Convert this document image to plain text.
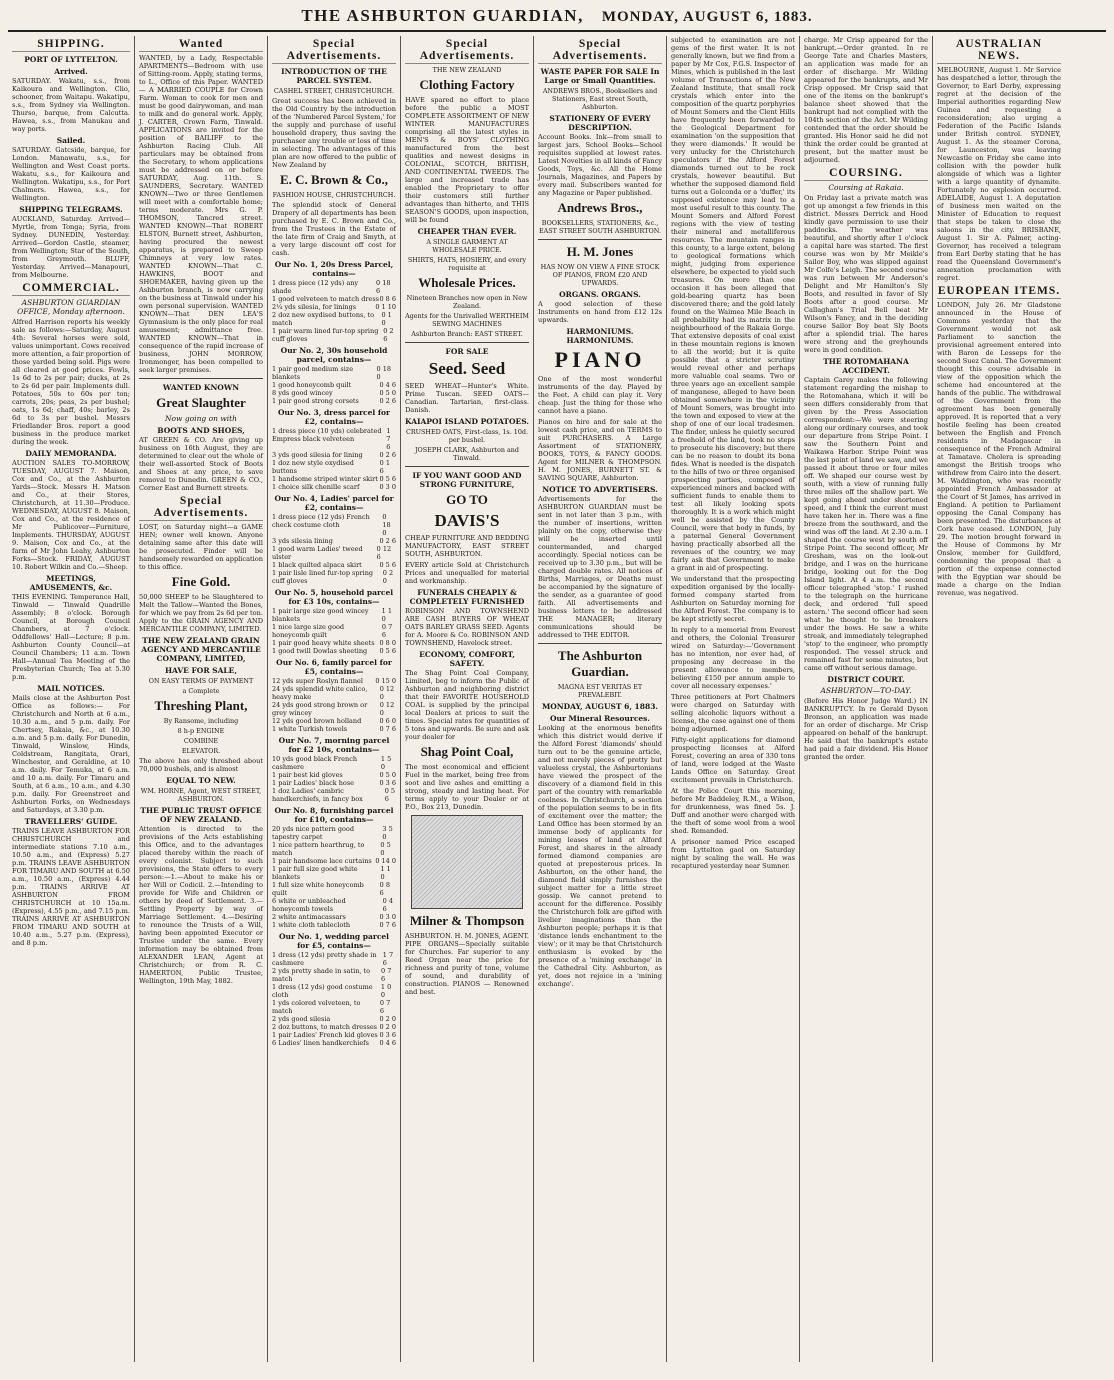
THE ASHBURTON GUARDIAN, MONDAY, AUGUST 6, 1883.
SHIPPING.
PORT OF LYTTELTON.
Arrived.

SATURDAY. Wakatu, s.s., from Kaikoura and Wellington. Clio, schooner, from Waitapu. Wakatipu, s.s., from Sydney via Wellington. Thurso, barque, from Calcutta. Hawea, s.s., from Manukau and way ports.

Sailed.

SATURDAY. Gatcside, barque, for London. Manawatu, s.s., for Wellington and West Coast ports. Wakatu, s.s., for Kaikoura and Wellington. Wakatipu, s.s., for Port Chalmers. Hawea, s.s., for Wellington.

SHIPPING TELEGRAMS.

AUCKLAND, Saturday. Arrived—Myrtle, from Tonga; Syria, from Sydney. DUNEDIN, Yesterday. Arrived—Gordon Castle, steamer, from Wellington; Star of the South, from Greymouth. BLUFF, Yesterday. Arrived—Manapouri, from Melbourne.

COMMERCIAL.
ASHBURTON GUARDIAN OFFICE, Monday afternoon.

Alfred Harrison reports his weekly sale as follows:—Saturday, August 4th: Several horses were sold, values unimportant. Cows received more attention, a fair proportion of those yarded being sold. Pigs were all cleared at good prices. Fowls, 1s 6d to 2s per pair; ducks, at 2s to 2s 6d per pair. Implements dull. Potatoes, 50s to 60s per ton; carrots, 20s; peas, 2s per bushel; oats, 1s 6d; chaff, 40s; barley, 2s 6d to 3s per bushel. Messrs Friedlander Bros. report a good business in the produce market during the week.

DAILY MEMORANDA.

AUCTION SALES TO-MORROW, TUESDAY, AUGUST 7. Maison, Cox and Co., at the Ashburton Yards—Stock. Messrs H. Matson and Co., at their Stores, Christchurch, at 11.30—Produce. WEDNESDAY, AUGUST 8. Maison, Cox and Co., at the residence of Mr Publicover—Furniture, Implements. THURSDAY, AUGUST 9. Maison, Cox and Co., at the farm of Mr John Leahy, Ashburton Forks—Stock. FRIDAY, AUGUST 10. Robert Wilkin and Co.—Sheep.

MEETINGS, AMUSEMENTS, &c.

THIS EVENING. Temperance Hall, Tinwald — Tinwald Quadrille Assembly; 8 o'clock. Borough Council, at Borough Council Chambers, at 7 o'clock. Oddfellows' Hall—Lecture; 8 p.m. Ashburton County Council—at Council Chambers; 11 a.m. Town Hall—Annual Tea Meeting of the Presbyterian Church; Tea at 5.30 p.m.

MAIL NOTICES.

Mails close at the Ashburton Post Office as follows:— For Christchurch and North at 6 a.m., 10.30 a.m., and 5 p.m. daily. For Chertsey, Rakaia, &c., at 10.30 a.m. and 5 p.m. daily. For Dunedin, Tinwald, Winslow, Hinds, Coldstream, Rangitata, Orari, Winchester, and Geraldine, at 10 a.m. daily. For Temuka, at 6 a.m. and 10 a.m. daily. For Timaru and South, at 6 a.m., 10 a.m., and 4.30 p.m. daily. For Greenstreet and Ashburton Forks, on Wednesdays and Saturdays, at 3.30 p.m.

TRAVELLERS' GUIDE.

TRAINS LEAVE ASHBURTON FOR CHRISTCHURCH and intermediate stations 7.10 a.m., 10.50 a.m., and (Express) 5.27 p.m. TRAINS LEAVE ASHBURTON FOR TIMARU AND SOUTH at 6.50 a.m., 10.50 a.m., (Express) 4.44 p.m. TRAINS ARRIVE AT ASHBURTON FROM CHRISTCHURCH at 10 15a.m. (Express), 4.55 p.m., and 7.15 p.m. TRAINS ARRIVE AT ASHBURTON FROM TIMARU AND SOUTH at 10.40 a.m., 5.27 p.m. (Express), and 8 p.m.

Wanted

WANTED, by a Lady, Respectable APARTMENTS—Bedroom with use of Sitting-room. Apply, stating terms, to L., Office of this Paper. WANTED — A MARRIED COUPLE for Crown Farm. Woman to cook for men and must be good dairywoman, and man to milk and do general work. Apply, J. CARTER, Crown Farm, Tinwald. APPLICATIONS are invited for the position of BAILIFF to the Ashburton Racing Club. All particulars may be obtained from the Secretary, to whom applications must be addressed on or before SATURDAY, Aug. 11th. S. SAUNDERS, Secretary. WANTED KNOWN—Two or three Gentlemen will meet with a comfortable home; terms moderate. Mrs G. P. THOMSON, Tancred street. WANTED KNOWN—That ROBERT ELSTON, Burnett street, Ashburton, having procured the newest apparatus, is prepared to Sweep Chimneys at very low rates. WANTED KNOWN—That C. HAWKINS, BOOT and SHOEMAKER, having given up the Ashburton branch, is now carrying on the business at Tinwald under his own personal supervision. WANTED KNOWN—That DEN LEA'S Gymnasium is the only place for real amusement; admittance free. WANTED KNOWN—That in consequence of the rapid increase of business, JOHN MORROW, Ironmonger, has been compelled to seek larger premises.

WANTED KNOWN
Great Slaughter
Now going on with
BOOTS AND SHOES,

AT GREEN & CO. Are giving up business on 16th August, they are determined to clear out the whole of their well-assorted Stock of Boots and Shoes at any price, to save removal to Dunedin. GREEN & CO., Corner East and Burnett streets.

Special Advertisements.

LOST, on Saturday night—a GAME HEN; owner well known. Anyone detaining same after this date will be prosecuted. Finder will be handsomely rewarded on application to this office.

Fine Gold.

50,000 SHEEP to be Slaughtered to Melt the Tallow—Wanted the Bones, for which we pay from 2s 6d per ton. Apply to the GRAIN AGENCY AND MERCANTILE COMPANY, LIMITED.

THE NEW ZEALAND GRAIN AGENCY AND MERCANTILE COMPANY, LIMITED,
HAVE FOR SALE,
ON EASY TERMS OF PAYMENT
a Complete
Threshing Plant,
By Ransome, including
8 h-p ENGINE
COMBINE
ELEVATOR.

The above has only threshed about 70,000 bushels, and is almost

EQUAL TO NEW.
WM. HORNE, Agent, WEST STREET, ASHBURTON.
THE PUBLIC TRUST OFFICE OF NEW ZEALAND.

Attention is directed to the provisions of the Acts establishing this Office, and to the advantages placed thereby within the reach of every colonist. Subject to such provisions, the State offers to every person:—1.—About to make his or her Will or Codicil. 2.—Intending to provide for Wife and Children or others by deed of Settlement. 3.—Settling Property by way of Marriage Settlement. 4.—Desiring to renounce the Trusts of a Will, having been appointed Executor or Trustee under the same. Every information may be obtained from ALEXANDER LEAN, Agent at Christchurch; or from R. C. HAMERTON, Public Trustee, Wellington, 19th May, 1882.

Special Advertisements.
INTRODUCTION OF THE PARCEL SYSTEM.
CASHEL STREET, CHRISTCHURCH.

Great success has been achieved in the Old Country by the introduction of the 'Numbered Parcel System,' for the supply and purchase of useful household drapery, thus saving the purchaser any trouble or loss of time in selecting. The advantages of this plan are now offered to the public of New Zealand by

E. C. Brown & Co.,
FASHION HOUSE, CHRISTCHURCH.

The splendid stock of General Drapery of all departments has been purchased by E. C. Brown and Co., from the Trustees in the Estate of the late firm of Craig and Smyth, at a very large discount off cost for cash.

Our No. 1, 20s Dress Parcel, contains—
1 dress piece (12 yds) any shade
0 18 6
1 good velveteen to match dress 0 8 6
2¼ yds silesia, for linings	0 1 10
2 doz new oxydised buttons, to match
0 1 0
1 pair warm lined fur-top spring cuff gloves
0 2 6
Our No. 2, 30s household parcel, contains—
1 pair good medium size blankets
0 18 0
1 good honeycomb quilt	0 4 6
8 yds good wincey	0 5 0
1 pair good strong corsets	0 2 6
Our No. 3, dress parcel for £2, contains—
1 dress piece (10 yds) celebrated Empress black velveteen
1 7 6
3 yds good silesia for lining	0 2 6
1 doz new style oxydised buttons
0 1 6
1 handsome striped winter skirt 0 5 6
1 choice silk chenille scarf	0 3 0
Our No. 4, Ladies' parcel for £2, contains—
1 dress piece (12 yds) French check costume cloth
0 18 0
3 yds silesia lining	0 2 6
1 good warm Ladies' tweed ulster
0 12 6
1 black quilted alpaca skirt	0 5 6
1 pair lisle lined fur-top spring cuff gloves
0 2 0
Our No. 5, household parcel for £3 10s, contains—
1 pair large size good wincey blankets
1 1 0
1 nice large size good honeycomb quilt
0 7 6
1 pair good heavy white sheets 0 8 0
1 good twill Dowlas sheeting 0 5 6
Our No. 6, family parcel for £5, contains—
12 yds super Roslyn flannel 0 15 0
24 yds splendid white calico, heavy make
0 12 0
24 yds good strong brown or grey wincey
0 12 0
12 yds good brown holland	0 6 0
1 white Turkish towels	0 7 6
Our No. 7, morning parcel for £2 10s, contains—
10 yds good black French cashmere
1 5 0
1 pair best kid gloves	0 5 0
1 pair Ladies' black hose	0 3 6
1 doz Ladies' cambric handkerchiefs, in fancy box
0 5 6
Our No. 8, furnishing parcel for £10, contains—
20 yds nice pattern good tapestry carpet
3 5 0
1 nice pattern hearthrug, to match
0 5 0
1 pair handsome lace curtains 0 14 0
1 pair full size good white blankets
1 1 0
1 full size white honeycomb quilt
0 8 6
6 white or unbleached honeycomb towels
0 4 6
2 white antimacassars	0 3 0
1 white cloth tablecloth	0 7 6
Our No. 1, wedding parcel for £5, contains—
1 dress (12 yds) pretty shade in cashmere
1 7 6
2 yds pretty shade in satin, to match
0 7 6
1 dress (12 yds) good costume cloth
1 0 0
1 yds colored velveteen, to match
0 7 6
2 yds good silesia	0 2 0
2 doz buttons, to match dresses 0 2 0
1 pair Ladies' French kid gloves 0 3 6
6 Ladies' linen handkerchiefs 0 4 6
Special Advertisements.
THE NEW ZEALAND
Clothing Factory

HAVE spared no effort to place before the public a MOST COMPLETE ASSORTMENT OF NEW WINTER MANUFACTURES comprising all the latest styles in MEN'S & BOYS' CLOTHING manufactured from the best qualities and newest designs in COLONIAL, SCOTCH, BRITISH, AND CONTINENTAL TWEEDS. The large and increased trade has enabled the Proprietary to offer their customers still further advantages than hitherto, and THIS SEASON'S GOODS, upon inspection, will be found

CHEAPER THAN EVER.
A SINGLE GARMENT AT WHOLESALE PRICE.
SHIRTS, HATS, HOSIERY, and every requisite at
Wholesale Prices.
Nineteen Branches now open in New Zealand.
Agents for the Unrivalled WERTHEIM SEWING MACHINES
Ashburton Branch: EAST STREET.
FOR SALE
Seed. Seed

SEED WHEAT—Hunter's White. Prime Tuscan. SEED OATS—Canadian. Tartarian, first-class. Danish.

KAIAPOI ISLAND POTATOES.
CRUSHED OATS, First-class, 1s. 10d. per bushel.
JOSEPH CLARK, Ashburton and Tinwald.
IF YOU WANT GOOD AND STRONG FURNITURE,
GO TO
DAVIS'S

CHEAP FURNITURE AND BEDDING MANUFACTORY, EAST STREET SOUTH, ASHBURTON.

EVERY article Sold at Christchurch Prices and unequalled for material and workmanship.

FUNERALS CHEAPLY & COMPLETELY FURNISHED

ROBINSON AND TOWNSHEND ARE CASH BUYERS OF WHEAT OATS BARLEY GRASS SEED. Agents for A. Moore & Co. ROBINSON AND TOWNSHEND, Havelock street.

ECONOMY, COMFORT, SAFETY.

The Shag Point Coal Company, Limited, beg to inform the Public of Ashburton and neighboring district that their FAVORITE HOUSEHOLD COAL is supplied by the principal local Dealers at prices to suit the times. Special rates for quantities of 5 tons and upwards. Be sure and ask your dealer for

Shag Point Coal,

The most economical and efficient Fuel in the market, being free from soot and live ashes and emitting a strong, steady and lasting heat. For terms apply to your Dealer or at P.O., Box 213, Dunedin.

Milner & Thompson

ASHBURTON. H. M. JONES, AGENT. PIPE ORGANS—Specially suitable for Churches. Far superior to any Reed Organ near the price for richness and purity of tone, volume of sound, and durability of construction. PIANOS — Renowned and best.

Special Advertisements.
WASTE PAPER FOR SALE In Large or Small Quantities.
ANDREWS BROS., Booksellers and Stationers, East street South, Ashburton.
STATIONERY OF EVERY DESCRIPTION.

Account Books. Ink—from small to largest jars. School Books—School requisites supplied at lowest rates. Latest Novelties in all kinds of Fancy Goods, Toys, &c. All the Home Journals, Magazines, and Papers by every mail. Subscribers wanted for any Magazine or Paper published.

Andrews Bros.,
BOOKSELLERS, STATIONERS, &c., EAST STREET SOUTH ASHBURTON.
H. M. Jones
HAS NOW ON VIEW A FINE STOCK OF PIANOS, FROM £20 AND UPWARDS.
ORGANS. ORGANS.

A good selection of these Instruments on hand from £12 12s upwards.

HARMONIUMS. HARMONIUMS.
PIANO

One of the most wonderful instruments of the day. Played by the Feet. A child can play it. Very cheap. Just the thing for those who cannot have a piano.

Pianos on hire and for sale at the lowest cash price, and on TERMS to suit PURCHASERS. A Large Assortment of STATIONERY, BOOKS, TOYS, & FANCY GOODS. Agent for MILNER & THOMPSON. H. M. JONES, BURNETT ST. & SAVING SQUARE, Ashburton.

NOTICE TO ADVERTISERS.

Advertisements for the ASHBURTON GUARDIAN must be sent in not later than 3 p.m., with the number of insertions, written plainly on the copy, otherwise they will be inserted until countermanded, and charged accordingly. Special notices can be received up to 3.30 p.m., but will be charged double rates. All notices of Births, Marriages, or Deaths must be accompanied by the signature of the sender, as a guarantee of good faith. All advertisements and business letters to be addressed THE MANAGER; literary communications should be addressed to THE EDITOR.

The Ashburton Guardian.
MAGNA EST VERITAS ET PREVALEBIT.
MONDAY, AUGUST 6, 1883.
Our Mineral Resources.

Looking at the enormous benefits which this district would derive if the Alford Forest 'diamonds' should turn out to be the genuine article, and not merely pieces of pretty but valueless crystal, the Ashburtonians have viewed the prospect of the discovery of a diamond field in this part of the country with remarkable coolness. In Christchurch, a section of the population seems to be in fits of excitement over the matter; the Land Office has been stormed by an immense body of applicants for mining leases of land at Alford Forest, and shares in the already formed diamond companies are quoted at preposterous prices. In Ashburton, on the other hand, the diamond field simply furnishes the subject matter for a little street gossip. We cannot pretend to account for the difference. Possibly the Christchurch folk are gifted with livelier imaginations than the Ashburton people; perhaps it is that 'distance lends enchantment to the view'; or it may be that Christchurch enthusiasm is evoked by the presence of a 'mining exchange' in the Cathedral City. Ashburton, as yet, does not rejoice in a 'mining exchange'.

subjected to examination are not gems of the first water. It is not generally known, but we find from a paper by Mr Cox, F.G.S. Inspector of Mines, which is published in the last volume of Transactions of the New Zealand Institute, that small rock crystals which enter into the composition of the quartz porphyries of Mount Somers and the Clent Hills have frequently been forwarded to the Geological Department for examination 'on the supposition that they were diamonds.' It would be very unlucky for the Christchurch speculators if the Alford Forest diamonds turned out to be rock crystals, however beautiful. But whether the supposed diamond field turns out a Golconda or a 'duffer,' its supposed existence may lead to a most useful result to this county. The Mount Somers and Alford Forest regions with the view of testing their mineral and metalliferous resources. The mountain ranges in this county, to a large extent, belong to geological formations which might, judging from experience elsewhere, be expected to yield such treasures. On more than one occasion it has been alleged that gold-bearing quartz has been discovered there; and the gold lately found on the Waimea Mile Beach in all probability had its matrix in the neighbourhood of the Rakaia Gorge. That extensive deposits of coal exist in these mountain regions is known to all the world; but it is quite possible that a stricter scrutiny would reveal other and perhaps more valuable coal seams. Two or three years ago an excellent sample of manganese, alleged to have been obtained somewhere in the vicinity of Mount Somers, was brought into the town and exposed to view at the shop of one of our local tradesmen. The finder, unless he quietly secured a freehold of the land, took no steps to prosecute his discovery; but there can be no reason to doubt its bona fides. What is needed is the dispatch to the hills of two or three organised prospecting parties, composed of experienced miners and backed with sufficient funds to enable them to test all likely looking spots thoroughly. It is a work which might well be assisted by the County Council, were that body in funds, by a paternal General Government having practically absorbed all the revenues of the country, we may fairly ask that Government to make a grant in aid of prospecting.

We understand that the prospecting expedition organised by the locally-formed company started from Ashburton on Saturday morning for the Alford Forest. The company is to be kept strictly secret.

In reply to a memorial from Everest and others, the Colonial Treasurer wired on Saturday:—'Government has no intention, nor ever had, of proposing any decrease in the present allowance to members, believing £150 per annum ample to cover all necessary expenses.'

Three petitioners at Port Chalmers were charged on Saturday with selling alcoholic liquors without a license, the case against one of them being adjourned.

Fifty-eight applications for diamond prospecting licenses at Alford Forest, covering an area of 330 tons of land, were lodged at the Waste Lands Office on Saturday. Great excitement prevails in Christchurch.

At the Police Court this morning, before Mr Baddeley, R.M., a Wilson, for drunkenness, was fined 5s. J. Duff and another were charged with the theft of some wool from a wool shed. Remanded.

A prisoner named Price escaped from Lyttelton gaol on Saturday night by scaling the wall. He was recaptured yesterday near Sumner.

charge. Mr Crisp appeared for the bankrupt.—Order granted. In re George Tate and Charles Masters, an application was made for an order of discharge. Mr Wilding appeared for the bankrupts, and Mr Crisp opposed. Mr Crisp said that one of the items on the bankrupt's balance sheet showed that the bankrupt had not complied with the 104th section of the Act. Mr Wilding contended that the order should be granted. His Honor said he did not think the order could be granted at present, but the matter must be adjourned.

COURSING.
Coursing at Rakaia.

On Friday last a private match was got up amongst a few friends in this district. Messrs Derrick and Hood kindly gave permission to use their paddocks. The weather was beautiful, and shortly after 1 o'clock a capital hare was started. The first course was won by Mr Meikle's Sailor Boy, who was slipped against Mr Colfe's Leigh. The second course was run between Mr Anderson's Delight and Mr Hamilton's Sly Boots, and resulted in favor of Sly Boots after a good course. Mr Callaghan's Trial Bell beat Mr Wilson's Fancy, and in the deciding course Sailor Boy beat Sly Boots after a splendid trial. The hares were strong and the greyhounds were in good condition.

THE ROTOMAHANA ACCIDENT.

Captain Carey makes the following statement regarding the mishap to the Rotomahana, which it will be seen differs considerably from that given by the Press Association correspondent:—We were steering along our ordinary courses, and took our departure from Stripe Point. I saw the Southern Point and Waikawa Harbor. Stripe Point was the last point of land we saw, and we passed it about three or four miles off. We shaped our course west by south, with a view of running fully three miles off the shallow part. We kept going ahead under shortened speed, and I think the current must have taken her in. There was a fine breeze from the southward, and the wind was off the land. At 2.30 a.m. I shaped the course west by south off Stripe Point. The second officer, Mr Gresham, was on the look-out bridge, and I was on the hurricane bridge, looking out for the Dog Island light. At 4 a.m. the second officer telegraphed 'stop.' I rushed to the telegraph on the hurricane deck, and ordered 'full speed astern.' The second officer had seen what he thought to be breakers under the bows. He saw a white streak, and immediately telegraphed 'stop' to the engineer, who promptly responded. The vessel struck and remained fast for some minutes, but came off without serious damage.

DISTRICT COURT.
ASHBURTON—TO-DAY.

(Before His Honor Judge Ward.) IN BANKRUPTCY. In re Gerald Dyson Bronson, an application was made for an order of discharge. Mr Crisp appeared on behalf of the bankrupt. He said that the bankrupt's estate had paid a fair dividend. His Honor granted the order.

AUSTRALIAN NEWS.

MELBOURNE, August 1. Mr Service has despatched a letter, through the Governor, to Earl Derby, expressing regret at the decision of the Imperial authorities regarding New Guinea and requesting a reconsideration; also urging a Federation of the Pacific Islands under British control. SYDNEY, August 1. As the steamer Corona, for Launceston, was leaving Newcastle on Friday she came into collision with the powder hulk alongside of which was a lighter with a large quantity of dynamite. Fortunately no explosion occurred. ADELAIDE, August 1. A deputation of business men waited on the Minister of Education to request that steps be taken to close the saloons in the city. BRISBANE, August 1. Sir A. Palmer, acting-Governor, has received a telegram from Earl Derby stating that he has read the Queensland Government's annexation proclamation with regret.

EUROPEAN ITEMS.

LONDON, July 26. Mr Gladstone announced in the House of Commons yesterday that the Government would not ask Parliament to sanction the provisional agreement entered into with Baron de Lesseps for the second Suez Canal. The Government thought this course advisable in view of the opposition which the scheme had encountered at the hands of the public. The withdrawal of the Government from the agreement has been generally approved. It is reported that a very hostile feeling has been created between the English and French residents in Madagascar in consequence of the French Admiral at Tamatave. Cholera is spreading amongst the British troops who withdrew from Cairo into the desert. M. Waddington, who was recently appointed French Ambassador at the Court of St James, has arrived in England. A petition to Parliament opposing the Canal Company has been presented. The disturbances at Cork have ceased. LONDON, July 29. The motion brought forward in the House of Commons by Mr Onslow, member for Guildford, condemning the proposal that a portion of the expense connected with the Egyptian war should be made a charge on the Indian revenue, was negatived.
